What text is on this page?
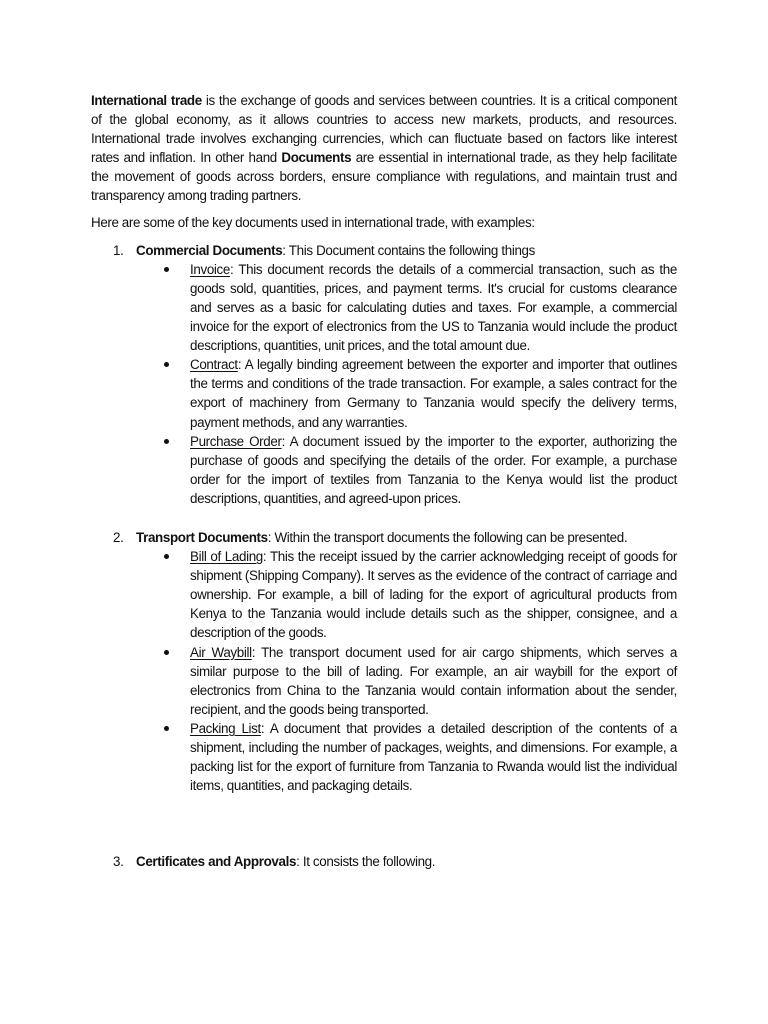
International trade is the exchange of goods and services between countries. It is a critical component of the global economy, as it allows countries to access new markets, products, and resources. International trade involves exchanging currencies, which can fluctuate based on factors like interest rates and inflation. In other hand Documents are essential in international trade, as they help facilitate the movement of goods across borders, ensure compliance with regulations, and maintain trust and transparency among trading partners.

Here are some of the key documents used in international trade, with examples:

1. Commercial Documents: This Document contains the following things

Invoice: This document records the details of a commercial transaction, such as the goods sold, quantities, prices, and payment terms. It's crucial for customs clearance and serves as a basic for calculating duties and taxes. For example, a commercial invoice for the export of electronics from the US to Tanzania would include the product descriptions, quantities, unit prices, and the total amount due.
Contract: A legally binding agreement between the exporter and importer that outlines the terms and conditions of the trade transaction. For example, a sales contract for the export of machinery from Germany to Tanzania would specify the delivery terms, payment methods, and any warranties.
Purchase Order: A document issued by the importer to the exporter, authorizing the purchase of goods and specifying the details of the order. For example, a purchase order for the import of textiles from Tanzania to the Kenya would list the product descriptions, quantities, and agreed-upon prices.

2. Transport Documents: Within the transport documents the following can be presented.

Bill of Lading: This the receipt issued by the carrier acknowledging receipt of goods for shipment (Shipping Company). It serves as the evidence of the contract of carriage and ownership. For example, a bill of lading for the export of agricultural products from Kenya to the Tanzania would include details such as the shipper, consignee, and a description of the goods.
Air Waybill: The transport document used for air cargo shipments, which serves a similar purpose to the bill of lading. For example, an air waybill for the export of electronics from China to the Tanzania would contain information about the sender, recipient, and the goods being transported.
Packing List: A document that provides a detailed description of the contents of a shipment, including the number of packages, weights, and dimensions. For example, a packing list for the export of furniture from Tanzania to Rwanda would list the individual items, quantities, and packaging details.

3. Certificates and Approvals: It consists the following.
